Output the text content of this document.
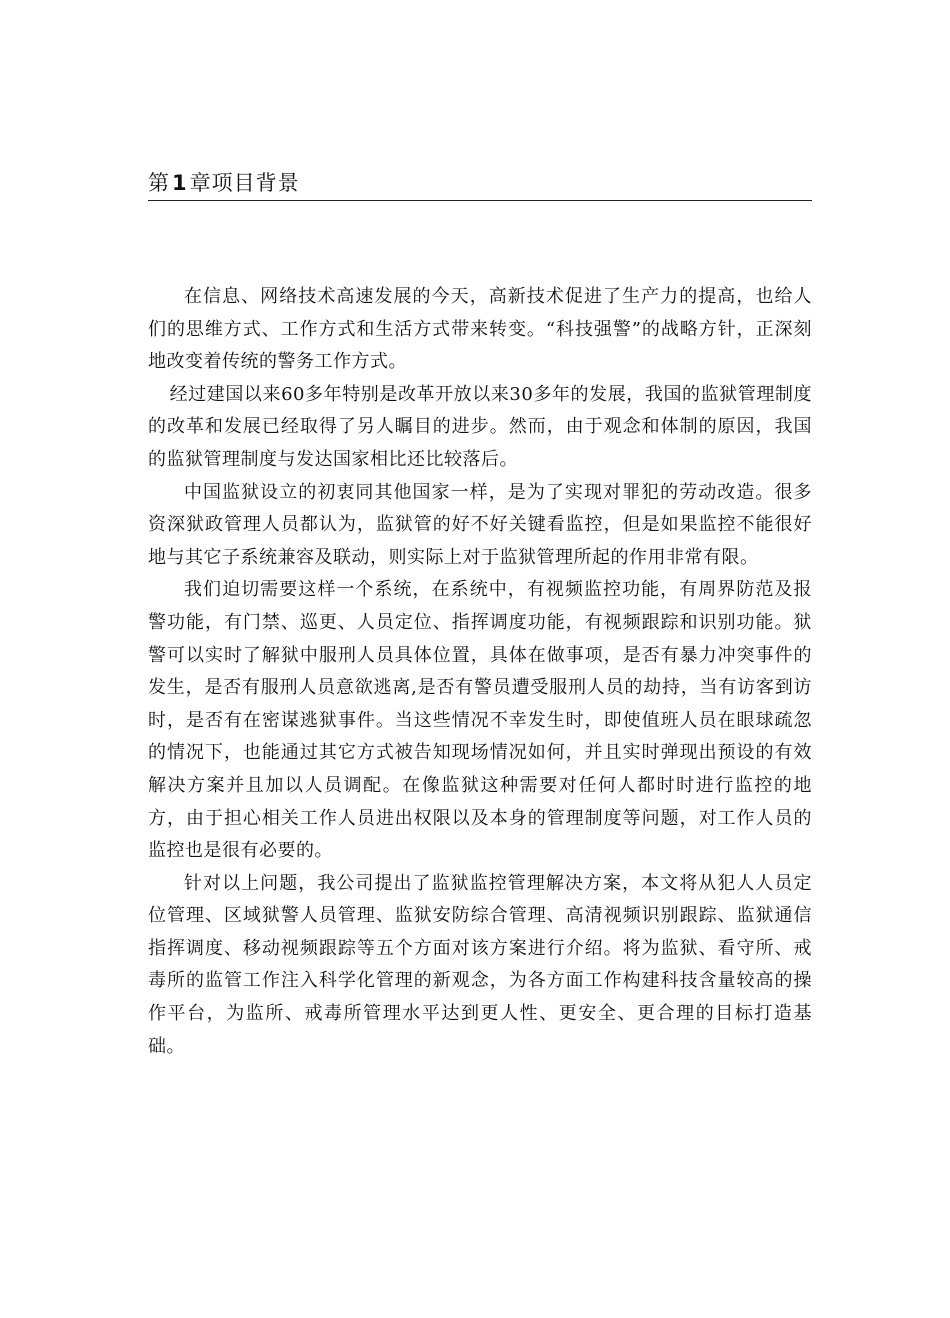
第1章项目背景

在信息、网络技术高速发展的今天，高新技术促进了生产力的提高，也给人们的思维方式、工作方式和生活方式带来转变。“科技强警”的战略方针，正深刻地改变着传统的警务工作方式。

经过建国以来60多年特别是改革开放以来30多年的发展，我国的监狱管理制度的改革和发展已经取得了另人瞩目的进步。然而，由于观念和体制的原因，我国的监狱管理制度与发达国家相比还比较落后。

中国监狱设立的初衷同其他国家一样，是为了实现对罪犯的劳动改造。很多资深狱政管理人员都认为，监狱管的好不好关键看监控，但是如果监控不能很好地与其它子系统兼容及联动，则实际上对于监狱管理所起的作用非常有限。

我们迫切需要这样一个系统，在系统中，有视频监控功能，有周界防范及报警功能，有门禁、巡更、人员定位、指挥调度功能，有视频跟踪和识别功能。狱警可以实时了解狱中服刑人员具体位置，具体在做事项，是否有暴力冲突事件的发生，是否有服刑人员意欲逃离,是否有警员遭受服刑人员的劫持，当有访客到访时，是否有在密谋逃狱事件。当这些情况不幸发生时，即使值班人员在眼球疏忽的情况下，也能通过其它方式被告知现场情况如何，并且实时弹现出预设的有效解决方案并且加以人员调配。在像监狱这种需要对任何人都时时进行监控的地方，由于担心相关工作人员进出权限以及本身的管理制度等问题，对工作人员的监控也是很有必要的。

针对以上问题，我公司提出了监狱监控管理解决方案，本文将从犯人人员定位管理、区域狱警人员管理、监狱安防综合管理、高清视频识别跟踪、监狱通信指挥调度、移动视频跟踪等五个方面对该方案进行介绍。将为监狱、看守所、戒毒所的监管工作注入科学化管理的新观念，为各方面工作构建科技含量较高的操作平台，为监所、戒毒所管理水平达到更人性、更安全、更合理的目标打造基础。
